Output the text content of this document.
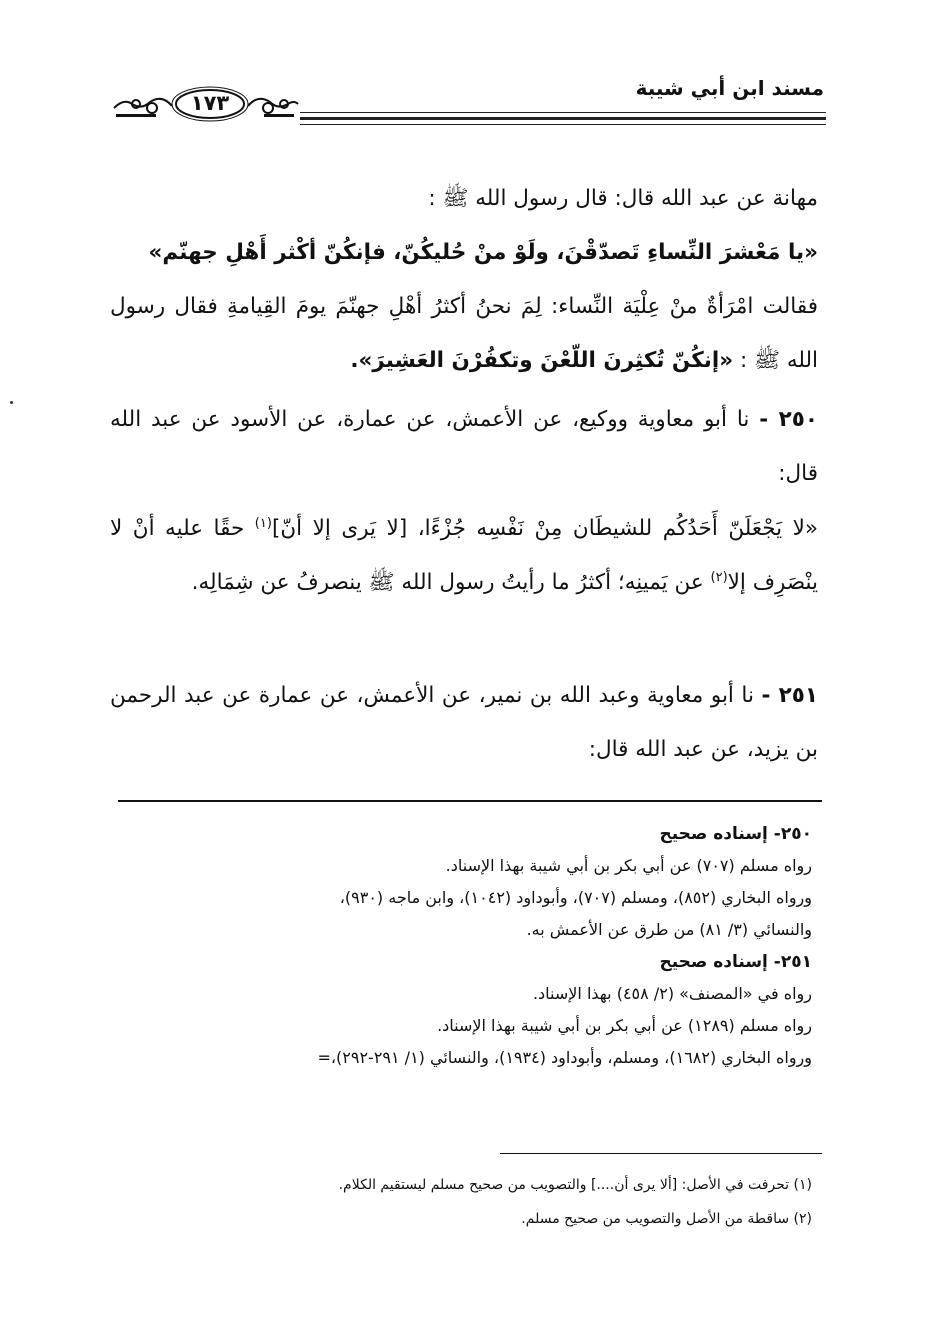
مسند ابن أبي شيبة
١٧٣

مهانة عن عبد الله قال: قال رسول الله ﷺ :

«يا مَعْشرَ النِّساءِ تَصدّقْنَ، ولَوْ منْ حُليكُنّ، فإنكُنّ أكْثر أَهْلِ جهنّم»

فقالت امْرَأةٌ منْ عِلْيَة النِّساء: لِمَ نحنُ أكثرُ أهْلِ جهنّمَ يومَ القِيامةِ فقال رسول الله ﷺ : «إنكُنّ تُكثِرنَ اللّعْنَ وتكفُرْنَ العَشِيرَ».

٢٥٠ - نا أبو معاوية ووكيع، عن الأعمش، عن عمارة، عن الأسود عن عبد الله قال:

«لا يَجْعَلَنّ أَحَدُكُم للشيطَان مِنْ نَفْسِه جُزْءًا، [لا يَرى إلا أنّ]$^{(١)}$ حقًا عليه أنْ لا ينْصَرِف إلا$^{(٢)}$ عن يَمينِه؛ أكثرُ ما رأيتُ رسول الله ﷺ ينصرفُ عن شِمَالِه.

٢٥١ - نا أبو معاوية وعبد الله بن نمير، عن الأعمش، عن عمارة عن عبد الرحمن بن يزيد، عن عبد الله قال:

٢٥٠- إسناده صحيح

رواه مسلم (٧٠٧) عن أبي بكر بن أبي شيبة بهذا الإسناد.

ورواه البخاري (٨٥٢)، ومسلم (٧٠٧)، وأبوداود (١٠٤٢)، وابن ماجه (٩٣٠)،

والنسائي (٣/ ٨١) من طرق عن الأعمش به.

٢٥١- إسناده صحيح

رواه في «المصنف» (٢/ ٤٥٨) بهذا الإسناد.

رواه مسلم (١٢٨٩) عن أبي بكر بن أبي شيبة بهذا الإسناد.

ورواه البخاري (١٦٨٢)، ومسلم، وأبوداود (١٩٣٤)، والنسائي (١/ ٢٩١-٢٩٢)،=

(١) تحرفت في الأصل: [ألا يرى أن....] والتصويب من صحيح مسلم ليستقيم الكلام.

(٢) ساقطة من الأصل والتصويب من صحيح مسلم.
